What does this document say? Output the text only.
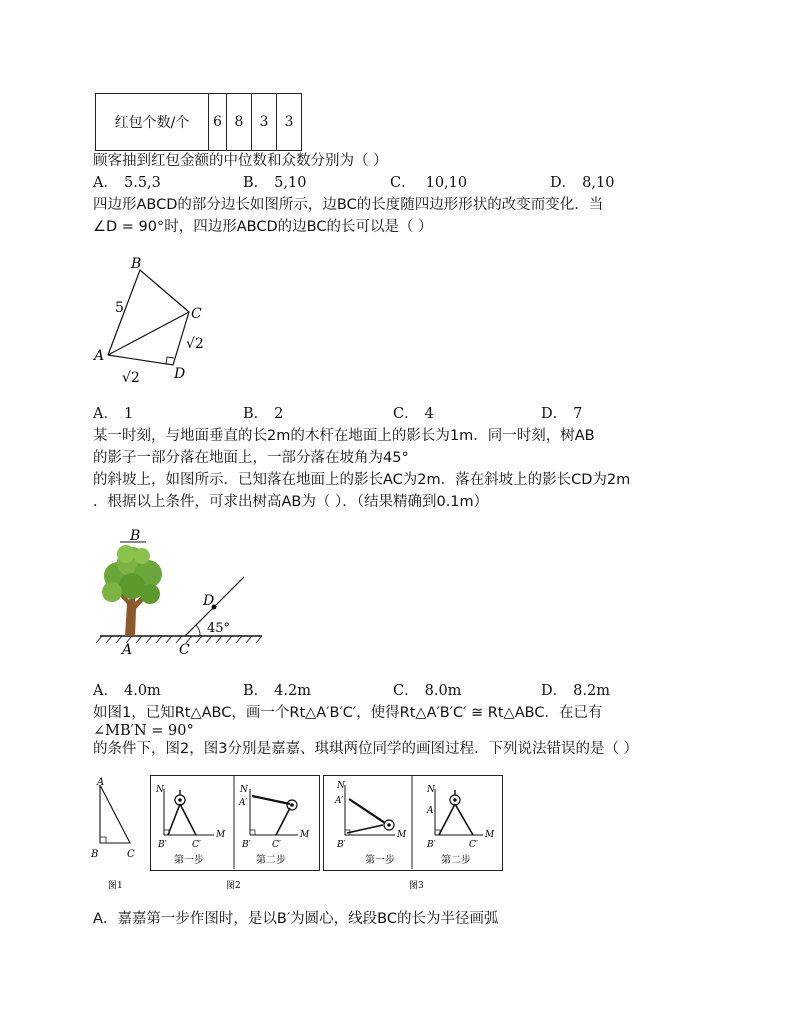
红包个数/个	6	8	3	3
顾客抽到红包金额的中位数和众数分别为（ ）
A． 5.5,3	B． 5,10	C． 10,10	D． 8,10
四边形ABCD的部分边长如图所示，边BC的长度随四边形形状的改变而变化．当
∠D = 90°时，四边形ABCD的边BC的长可以是（ ）
B
C
A
D
5
√2
√2
A． 1	B． 2	C． 4	D． 7
某一时刻，与地面垂直的长2m的木杆在地面上的影长为1m．同一时刻，树AB
的影子一部分落在地面上，一部分落在坡角为45°
的斜坡上，如图所示．已知落在地面上的影长AC为2m．落在斜坡上的影长CD为2m
．根据以上条件，可求出树高AB为（ ）．（结果精确到0.1m）
B
D
45°
A	C
A． 4.0m	B． 4.2m	C． 8.0m	D． 8.2m
如图1，已知Rt△ABC，画一个Rt△A′B′C′，使得Rt△A′B′C′ ≅ Rt△ABC．在已有
∠MB′N = 90°
的条件下，图2，图3分别是嘉嘉、琪琪两位同学的画图过程．下列说法错误的是（ ）
A
B	C
图1
N
M
B′	C′
第一步
N
A′
M
B′ C′
第二步
图2
N
A′
M
B′
第一步
N
A
M
B′	C′
第二步
图3
A．嘉嘉第一步作图时，是以B′为圆心，线段BC的长为半径画弧
